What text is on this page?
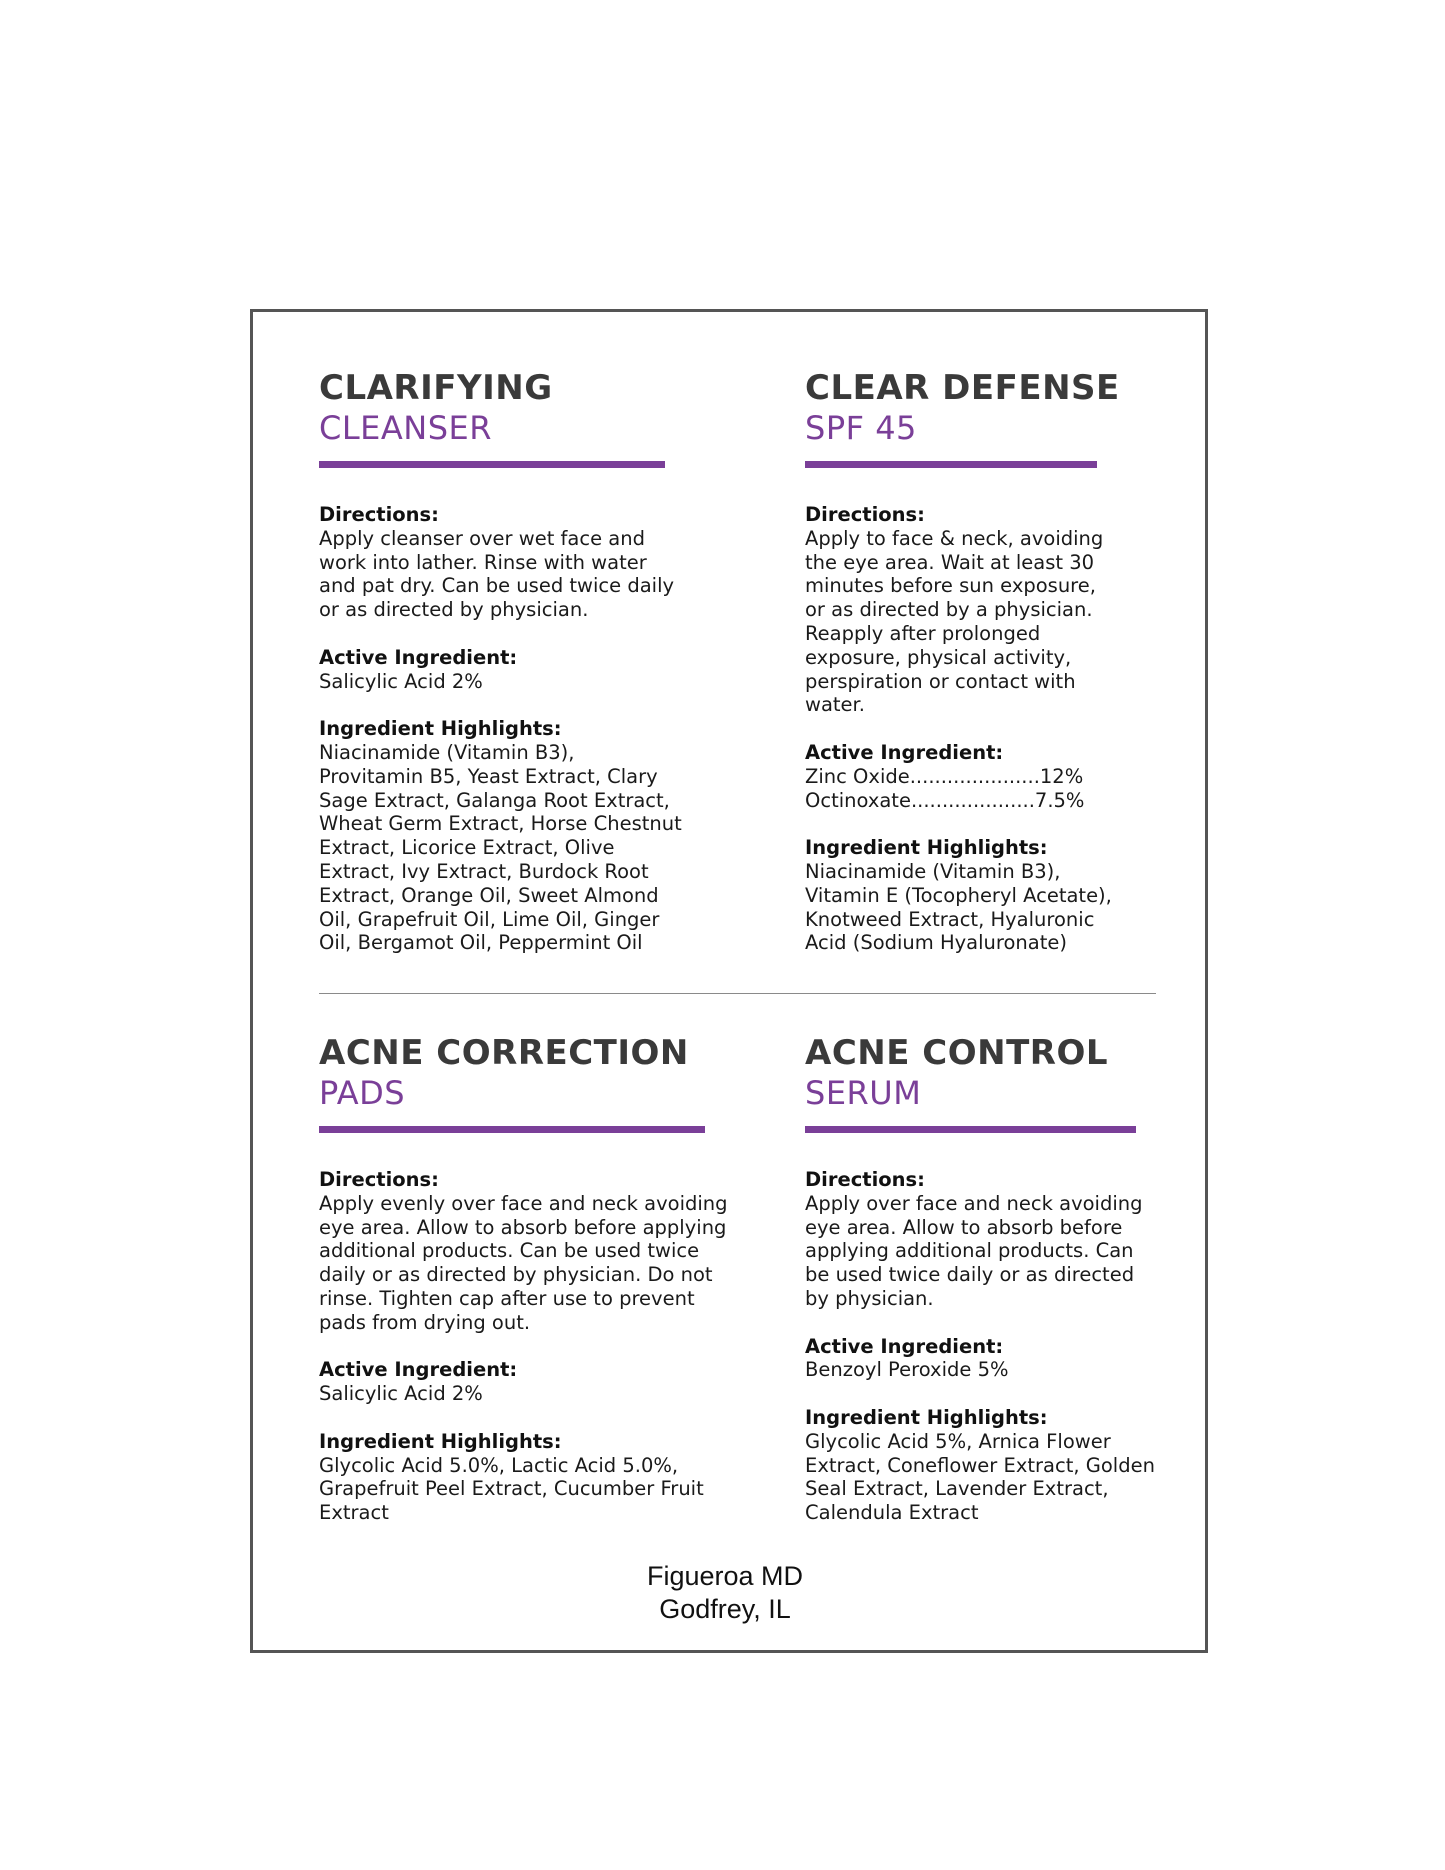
CLARIFYING
CLEANSER
Directions:
Apply cleanser over wet face and
work into lather. Rinse with water
and pat dry. Can be used twice daily
or as directed by physician.
Active Ingredient:
Salicylic Acid 2%
Ingredient Highlights:
Niacinamide (Vitamin B3),
Provitamin B5, Yeast Extract, Clary
Sage Extract, Galanga Root Extract,
Wheat Germ Extract, Horse Chestnut
Extract, Licorice Extract, Olive
Extract, Ivy Extract, Burdock Root
Extract, Orange Oil, Sweet Almond
Oil, Grapefruit Oil, Lime Oil, Ginger
Oil, Bergamot Oil, Peppermint Oil
CLEAR DEFENSE
SPF 45
Directions:
Apply to face & neck, avoiding
the eye area. Wait at least 30
minutes before sun exposure,
or as directed by a physician.
Reapply after prolonged
exposure, physical activity,
perspiration or contact with
water.
Active Ingredient:
Zinc Oxide.....................12%
Octinoxate....................7.5%
Ingredient Highlights:
Niacinamide (Vitamin B3),
Vitamin E (Tocopheryl Acetate),
Knotweed Extract, Hyaluronic
Acid (Sodium Hyaluronate)
ACNE CORRECTION
PADS
Directions:
Apply evenly over face and neck avoiding
eye area. Allow to absorb before applying
additional products. Can be used twice
daily or as directed by physician. Do not
rinse. Tighten cap after use to prevent
pads from drying out.
Active Ingredient:
Salicylic Acid 2%
Ingredient Highlights:
Glycolic Acid 5.0%, Lactic Acid 5.0%,
Grapefruit Peel Extract, Cucumber Fruit
Extract
ACNE CONTROL
SERUM
Directions:
Apply over face and neck avoiding
eye area. Allow to absorb before
applying additional products. Can
be used twice daily or as directed
by physician.
Active Ingredient:
Benzoyl Peroxide 5%
Ingredient Highlights:
Glycolic Acid 5%, Arnica Flower
Extract, Coneflower Extract, Golden
Seal Extract, Lavender Extract,
Calendula Extract
Figueroa MD
Godfrey, IL
